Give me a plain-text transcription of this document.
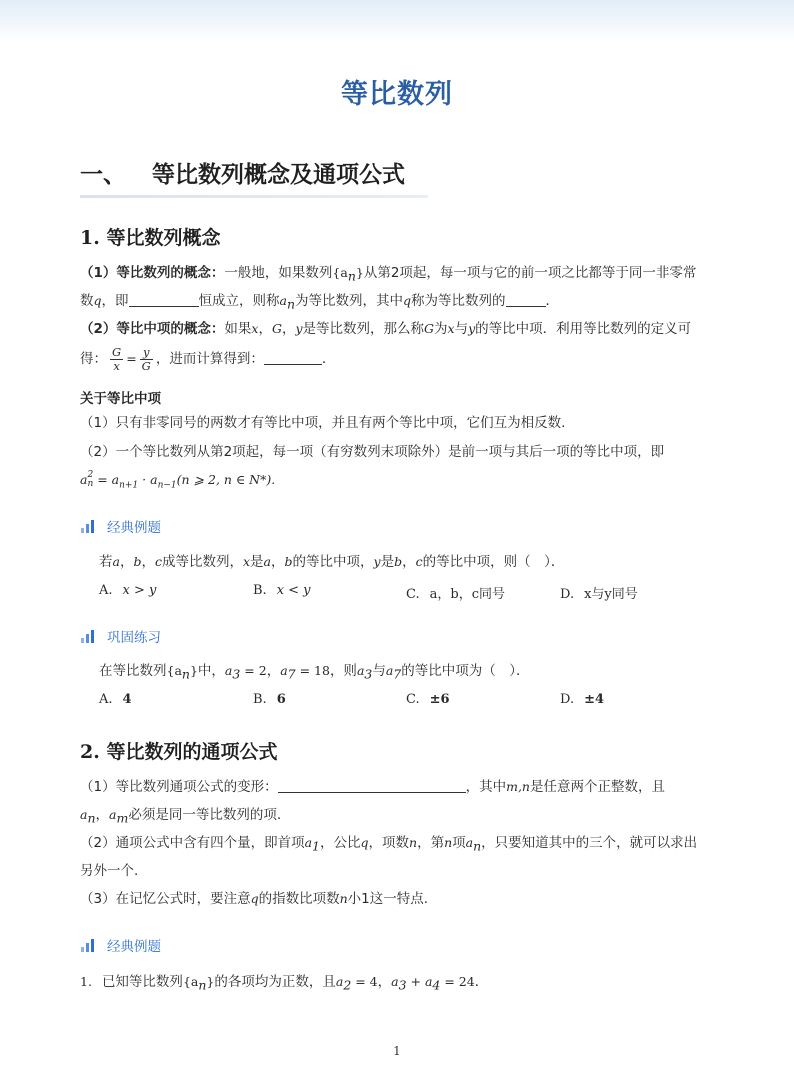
等比数列
一、 等比数列概念及通项公式
1. 等比数列概念
（1）等比数列的概念：一般地，如果数列$\{a_n\}$从第2项起，每一项与它的前一项之比都等于同一非零常
数q，即	恒成立，则称$a_n$为等比数列，其中q称为等比数列的	．
（2）等比中项的概念：如果x，G，y是等比数列，那么称G为x与y的等比中项．利用等比数列的定义可
得： $\frac{G}{x} = \frac{y}{G}$ ，进而计算得到：	．
关于等比中项
（1）只有非零同号的两数才有等比中项，并且有两个等比中项，它们互为相反数.
（2）一个等比数列从第2项起，每一项（有穷数列末项除外）是前一项与其后一项的等比中项，即
a 2
$n = a_{n+1} \cdot a_{n-1}(n$ ⩾ 2, n ∈ N*).
经典例题
若a，b，c成等比数列，x是a，b的等比中项，y是b，c的等比中项，则（　）．
A. x > y	B. x < y	C. a，b，c同号	D. x与y同号
巩固练习
在等比数列$\{a_n\}$中，$a_3 = 2$，$a_7 = 18$，则$a_3$与$a_7$的等比中项为（　）．
A. 4	B. 6	C. ±6	D. ±4
2. 等比数列的通项公式
（1）等比数列通项公式的变形：	，其中m,n是任意两个正整数，且
$a_n$，$a_m$必须是同一等比数列的项.
（2）通项公式中含有四个量，即首项$a_1$，公比q，项数n，第n项$a_n$，只要知道其中的三个，就可以求出
另外一个.
（3）在记忆公式时，要注意q的指数比项数n小1这一特点.
经典例题
1. 已知等比数列$\{a_n\}$的各项均为正数，且$a_2 = 4$，$a_3 + a_4 = 24$．
1
